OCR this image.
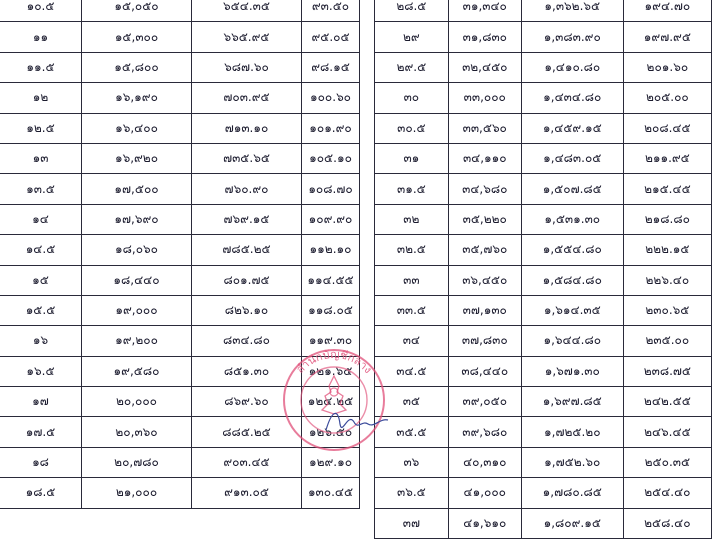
๑๐.๕	๑๕,๐๕๐	๖๕๔.๓๕	๙๓.๕๐
๑๑	๑๕,๓๐๐	๖๖๕.๙๕	๙๕.๐๕
๑๑.๕	๑๕,๘๐๐	๖๘๗.๖๐	๙๘.๑๕
๑๒	๑๖,๑๙๐	๗๐๓.๙๕	๑๐๐.๖๐
๑๒.๕	๑๖,๔๐๐	๗๑๓.๑๐	๑๐๑.๙๐
๑๓	๑๖,๙๒๐	๗๓๕.๖๕	๑๐๕.๑๐
๑๓.๕	๑๗,๕๐๐	๗๖๐.๙๐	๑๐๘.๗๐
๑๔	๑๗,๖๙๐	๗๖๙.๑๕	๑๐๙.๙๐
๑๔.๕	๑๘,๐๖๐	๗๘๕.๒๕	๑๑๒.๑๐
๑๕	๑๘,๔๔๐	๘๐๑.๗๕	๑๑๔.๕๕
๑๕.๕	๑๙,๐๐๐	๘๒๖.๑๐	๑๑๘.๐๕
๑๖	๑๙,๒๐๐	๘๓๔.๘๐	๑๑๙.๓๐
๑๖.๕	๑๙,๕๘๐	๘๕๑.๓๐	๑๒๑.๖๕
๑๗	๒๐,๐๐๐	๘๖๙.๖๐	๑๒๔.๒๕
๑๗.๕	๒๐,๓๖๐	๘๘๕.๒๕	๑๒๖.๕๐
๑๘	๒๐,๗๘๐	๙๐๓.๔๕	๑๒๙.๑๐
๑๘.๕	๒๑,๐๐๐	๙๑๓.๐๕	๑๓๐.๔๕
๒๘.๕	๓๑,๓๔๐	๑,๓๖๒.๖๕	๑๙๔.๗๐
๒๙	๓๑,๘๓๐	๑,๓๘๓.๙๐	๑๙๗.๙๕
๒๙.๕	๓๒,๔๕๐	๑,๔๑๐.๘๐	๒๐๑.๖๐
๓๐	๓๓,๐๐๐	๑,๔๓๔.๘๐	๒๐๕.๐๐
๓๐.๕	๓๓,๕๖๐	๑,๔๕๙.๑๕	๒๐๘.๔๕
๓๑	๓๔,๑๑๐	๑,๔๘๓.๐๕	๒๑๑.๙๕
๓๑.๕	๓๔,๖๘๐	๑,๕๐๗.๘๕	๒๑๕.๔๕
๓๒	๓๕,๒๒๐	๑,๕๓๑.๓๐	๒๑๘.๘๐
๓๒.๕	๓๕,๗๖๐	๑,๕๕๔.๘๐	๒๒๒.๑๕
๓๓	๓๖,๔๕๐	๑,๕๘๔.๘๐	๒๒๖.๔๐
๓๓.๕	๓๗,๑๓๐	๑,๖๑๔.๓๕	๒๓๐.๖๕
๓๔	๓๗,๘๓๐	๑,๖๔๔.๘๐	๒๓๕.๐๐
๓๔.๕	๓๘,๔๔๐	๑,๖๗๑.๓๐	๒๓๘.๗๕
๓๕	๓๙,๐๕๐	๑,๖๙๗.๘๕	๒๔๒.๕๕
๓๕.๕	๓๙,๖๘๐	๑,๗๒๕.๒๐	๒๔๖.๔๕
๓๖	๔๐,๓๑๐	๑,๗๕๒.๖๐	๒๕๐.๓๕
๓๖.๕	๔๑,๐๐๐	๑,๗๘๐.๘๕	๒๕๔.๔๐
๓๗	๔๑,๖๑๐	๑,๘๐๙.๑๕	๒๕๘.๔๐
สำนักบัญชีกลาง
